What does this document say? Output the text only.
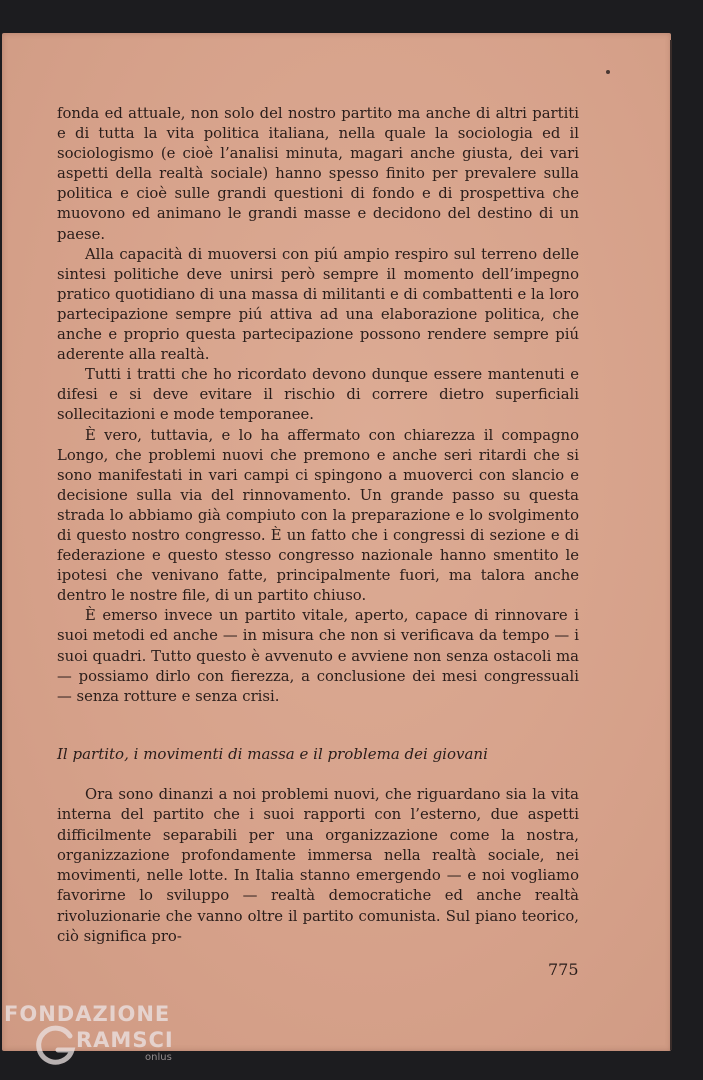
fonda ed attuale, non solo del nostro partito ma anche di altri partiti e di tutta la vita politica italiana, nella quale la sociologia ed il sociologismo (e cioè l’analisi minuta, magari anche giusta, dei vari aspetti della realtà sociale) hanno spesso finito per prevalere sulla politica e cioè sulle grandi questioni di fondo e di prospettiva che muovono ed animano le grandi masse e decidono del destino di un paese.

Alla capacità di muoversi con piú ampio respiro sul terreno delle sintesi politiche deve unirsi però sempre il momento dell’impegno pratico quotidiano di una massa di militanti e di combattenti e la loro partecipazione sempre piú attiva ad una elaborazione politica, che anche e proprio questa partecipazione possono rendere sempre piú aderente alla realtà.

Tutti i tratti che ho ricordato devono dunque essere mantenuti e difesi e si deve evitare il rischio di correre dietro superficiali sollecitazioni e mode temporanee.

È vero, tuttavia, e lo ha affermato con chiarezza il compagno Longo, che problemi nuovi che premono e anche seri ritardi che si sono manifestati in vari campi ci spingono a muoverci con slancio e decisione sulla via del rinnovamento. Un grande passo su questa strada lo abbiamo già compiuto con la preparazione e lo svolgimento di questo nostro congresso. È un fatto che i congressi di sezione e di federazione e questo stesso congresso nazionale hanno smentito le ipotesi che venivano fatte, principalmente fuori, ma talora anche dentro le nostre file, di un partito chiuso.

È emerso invece un partito vitale, aperto, capace di rinnovare i suoi metodi ed anche — in misura che non si verificava da tempo — i suoi quadri. Tutto questo è avvenuto e avviene non senza ostacoli ma — possiamo dirlo con fierezza, a conclusione dei mesi congressuali — senza rotture e senza crisi.

Il partito, i movimenti di massa e il problema dei giovani

Ora sono dinanzi a noi problemi nuovi, che riguardano sia la vita interna del partito che i suoi rapporti con l’esterno, due aspetti difficilmente separabili per una organizzazione come la nostra, organizzazione profondamente immersa nella realtà sociale, nei movimenti, nelle lotte. In Italia stanno emergendo — e noi vogliamo favorirne lo sviluppo — realtà democratiche ed anche realtà rivoluzionarie che vanno oltre il partito comunista. Sul piano teorico, ciò significa pro-

775
FONDAZIONE
RAMSCI
onlus
